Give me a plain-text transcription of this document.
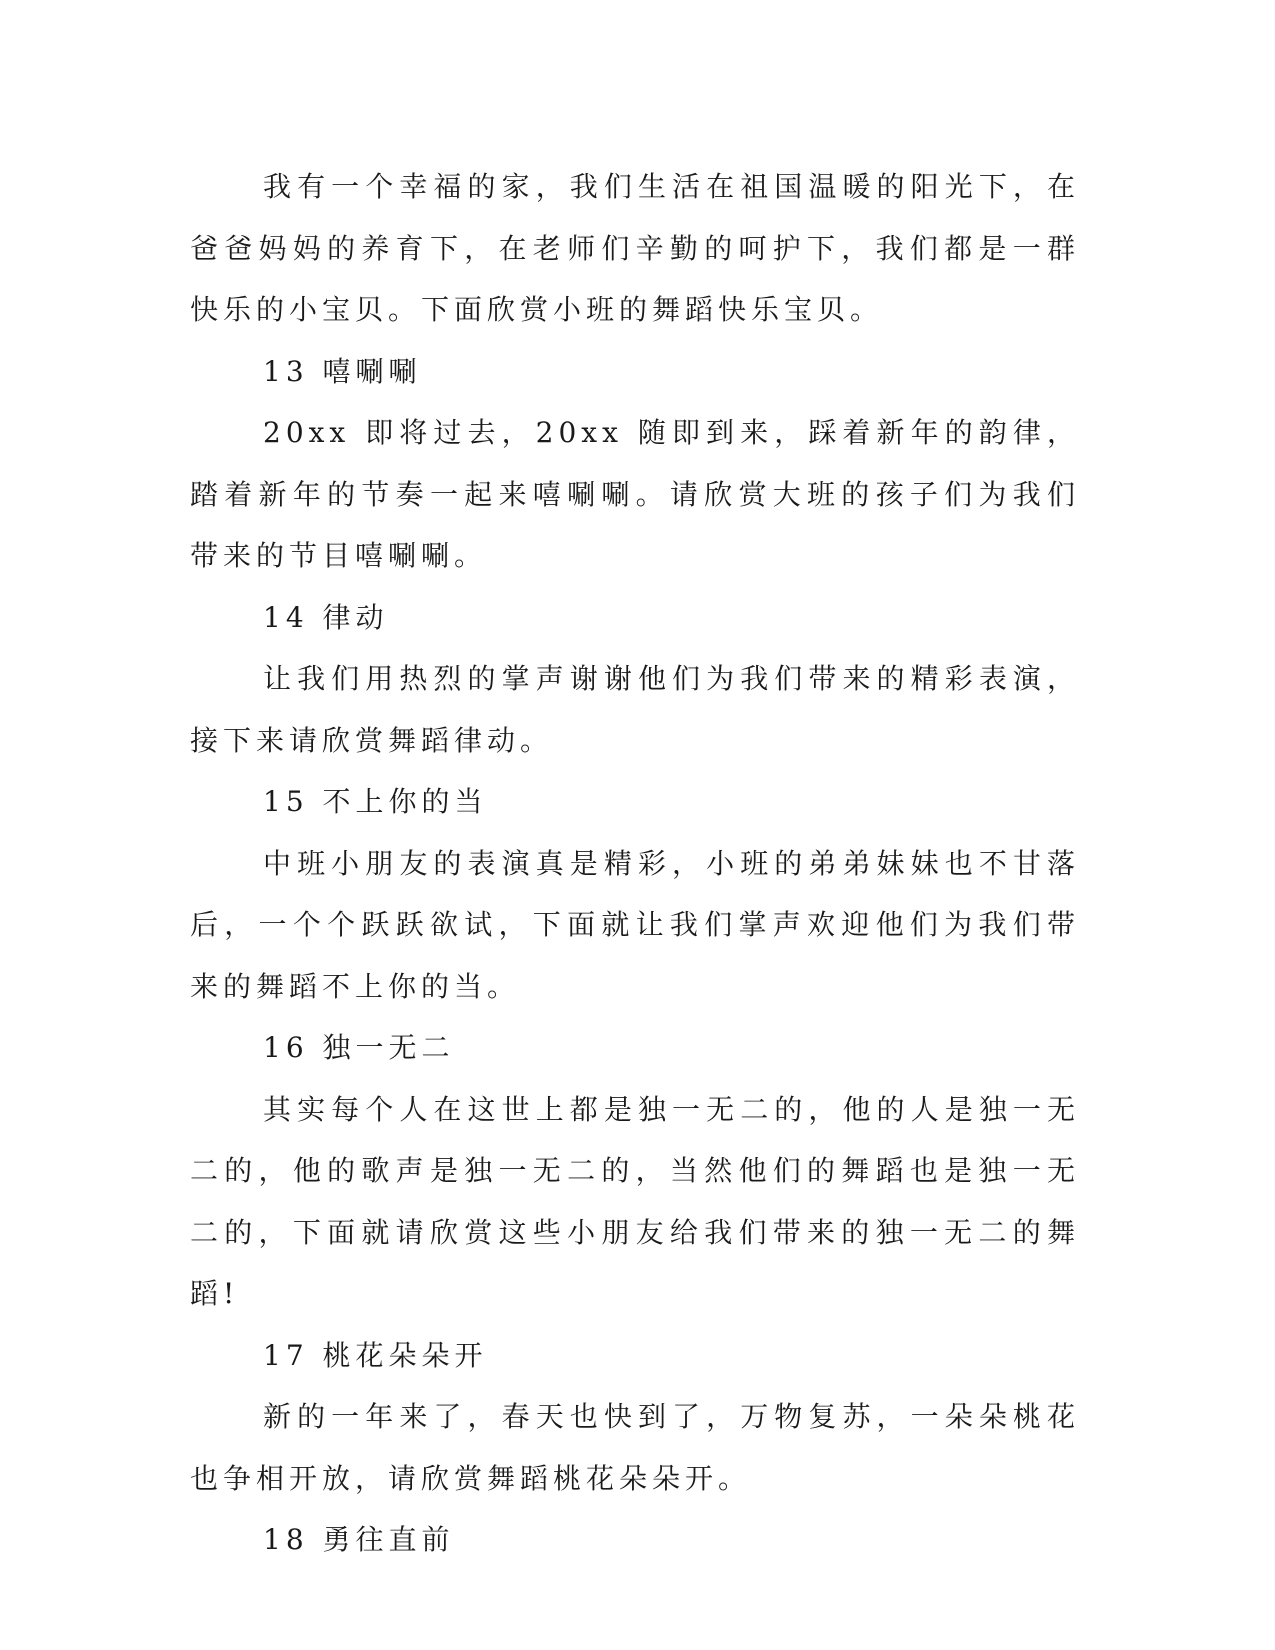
我有一个幸福的家，我们生活在祖国温暖的阳光下，在爸爸妈妈的养育下，在老师们辛勤的呵护下，我们都是一群快乐的小宝贝。下面欣赏小班的舞蹈快乐宝贝。

13 嘻唰唰

20xx 即将过去，20xx 随即到来，踩着新年的韵律，踏着新年的节奏一起来嘻唰唰。请欣赏大班的孩子们为我们带来的节目嘻唰唰。

14 律动

让我们用热烈的掌声谢谢他们为我们带来的精彩表演，接下来请欣赏舞蹈律动。

15 不上你的当

中班小朋友的表演真是精彩，小班的弟弟妹妹也不甘落后，一个个跃跃欲试，下面就让我们掌声欢迎他们为我们带来的舞蹈不上你的当。

16 独一无二

其实每个人在这世上都是独一无二的，他的人是独一无二的，他的歌声是独一无二的，当然他们的舞蹈也是独一无二的，下面就请欣赏这些小朋友给我们带来的独一无二的舞蹈!

17 桃花朵朵开

新的一年来了，春天也快到了，万物复苏，一朵朵桃花也争相开放，请欣赏舞蹈桃花朵朵开。

18 勇往直前
